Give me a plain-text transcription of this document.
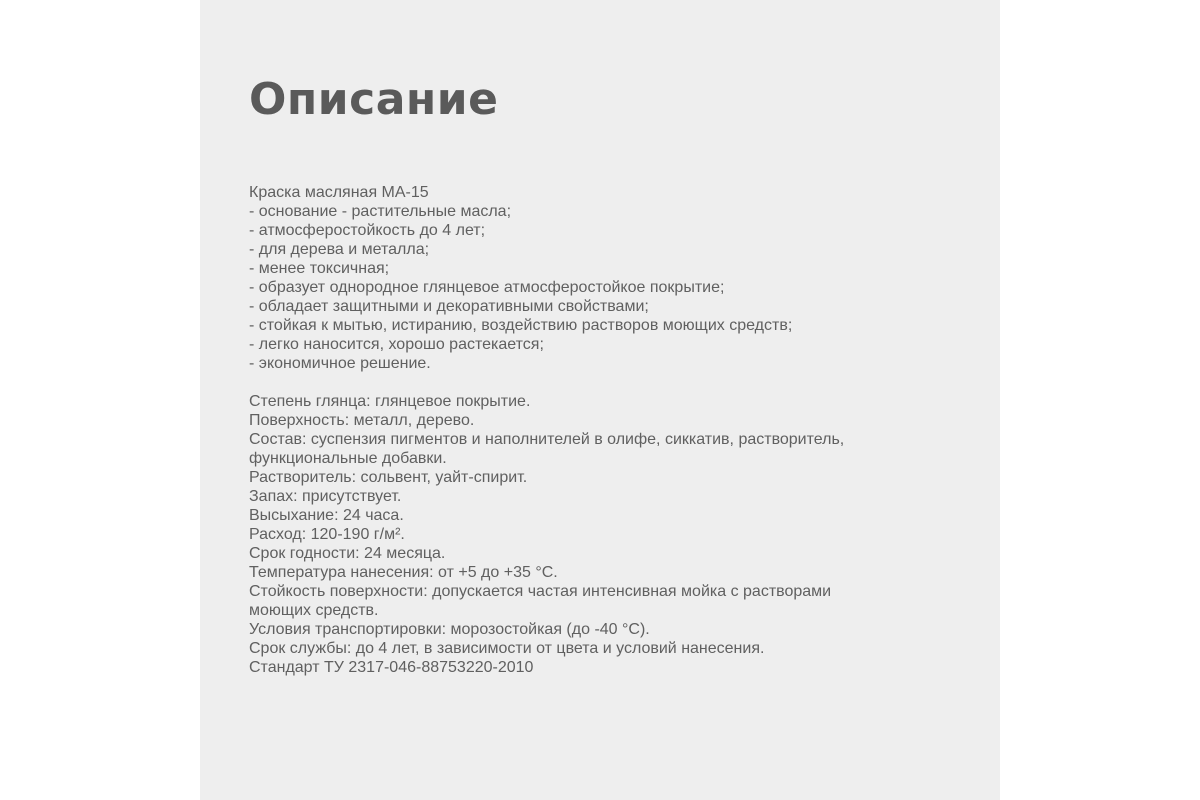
Описание
Краска масляная МА-15
- основание - растительные масла;
- атмосферостойкость до 4 лет;
- для дерева и металла;
- менее токсичная;
- образует однородное глянцевое атмосферостойкое покрытие;
- обладает защитными и декоративными свойствами;
- стойкая к мытью, истиранию, воздействию растворов моющих средств;
- легко наносится, хорошо растекается;
- экономичное решение.
Степень глянца: глянцевое покрытие.
Поверхность: металл, дерево.
Состав: суспензия пигментов и наполнителей в олифе, сиккатив, растворитель,
функциональные добавки.
Растворитель: сольвент, уайт-спирит.
Запах: присутствует.
Высыхание: 24 часа.
Расход: 120-190 г/м².
Срок годности: 24 месяца.
Температура нанесения: от +5 до +35 °С.
Стойкость поверхности: допускается частая интенсивная мойка с растворами
моющих средств.
Условия транспортировки: морозостойкая (до -40 °С).
Срок службы: до 4 лет, в зависимости от цвета и условий нанесения.
Стандарт ТУ 2317-046-88753220-2010
